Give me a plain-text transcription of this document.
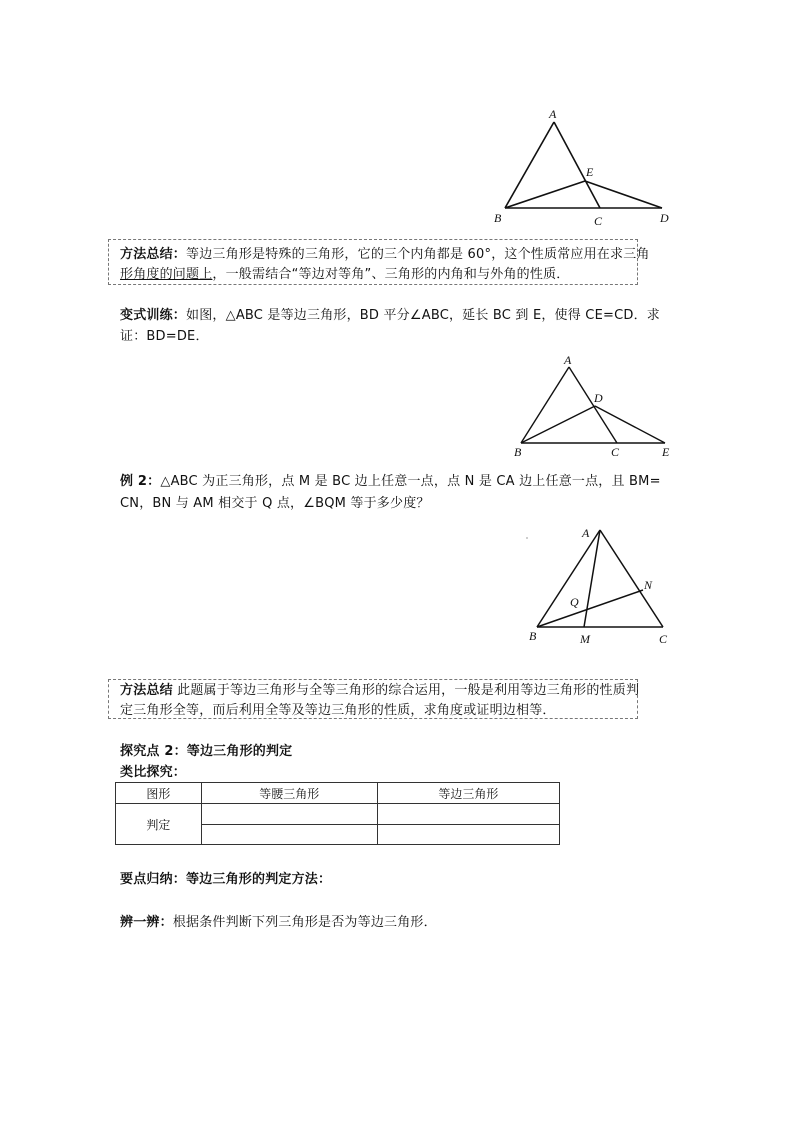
A
B	C	D
E
方法总结：等边三角形是特殊的三角形，它的三个内角都是 60°，这个性质常应用在求三角
形角度的问题上，一般需结合“等边对等角”、三角形的内角和与外角的性质．
变式训练：如图，△ABC 是等边三角形，BD 平分∠ABC，延长 BC 到 E，使得 CE=CD．求
证：BD=DE．
A
B	C
D
E
例 2：△ABC 为正三角形，点 M 是 BC 边上任意一点，点 N 是 CA 边上任意一点，且 BM=
CN，BN 与 AM 相交于 Q 点，∠BQM 等于多少度？
A
B	C
M
N
Q
方法总结 此题属于等边三角形与全等三角形的综合运用，一般是利用等边三角形的性质判
定三角形全等，而后利用全等及等边三角形的性质，求角度或证明边相等．
探究点 2：等边三角形的判定
类比探究：
图形	等腰三角形	等边三角形
判定		

要点归纳：等边三角形的判定方法：
辨一辨：根据条件判断下列三角形是否为等边三角形．
